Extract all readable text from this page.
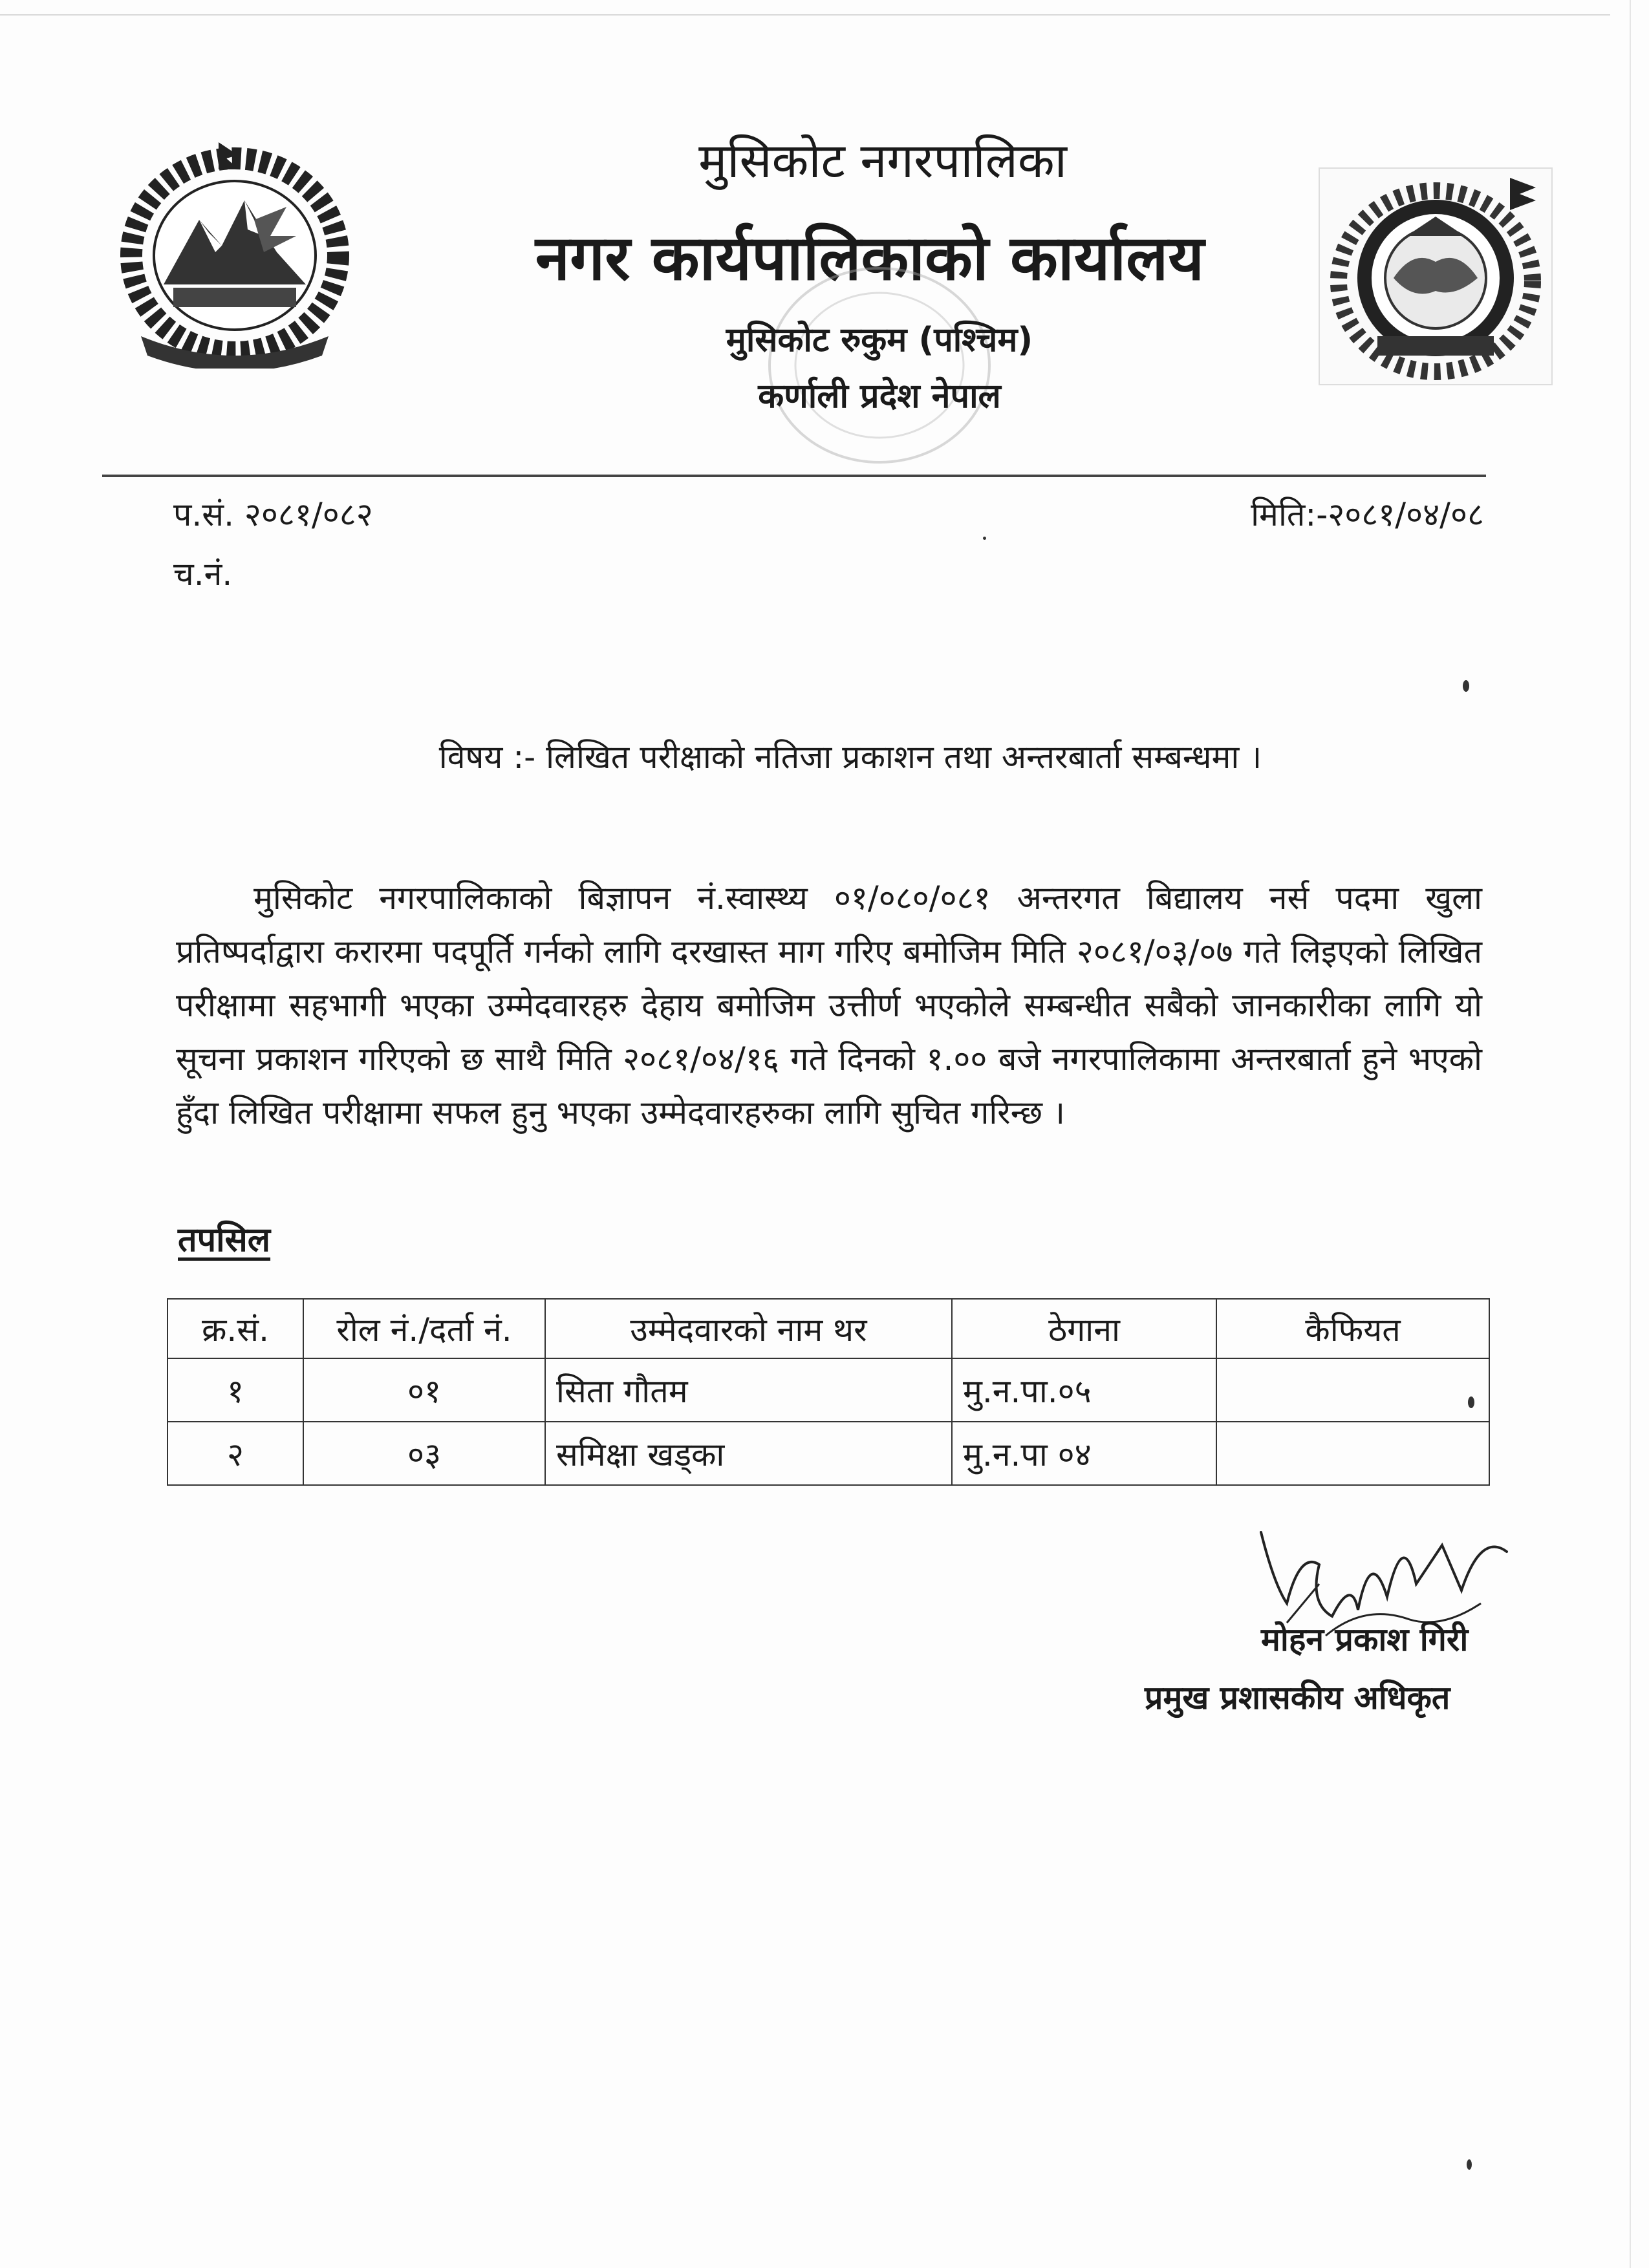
मुसिकोट नगरपालिका
नगर कार्यपालिकाको कार्यालय
मुसिकोट रुकुम (पश्चिम)
कर्णाली प्रदेश नेपाल
प.सं. २०८१/०८२	मिति:-२०८१/०४/०८
च.नं.
विषय :- लिखित परीक्षाको नतिजा प्रकाशन तथा अन्तरबार्ता सम्बन्धमा ।
मुसिकोट नगरपालिकाको बिज्ञापन नं.स्वास्थ्य ०१/०८०/०८१ अन्तरगत बिद्यालय नर्स पदमा खुला प्रतिष्पर्दाद्वारा करारमा पदपूर्ति गर्नको लागि दरखास्त माग गरिए बमोजिम मिति २०८१/०३/०७ गते लिइएको लिखित परीक्षामा सहभागी भएका उम्मेदवारहरु देहाय बमोजिम उत्तीर्ण भएकोले सम्बन्धीत सबैको जानकारीका लागि यो सूचना प्रकाशन गरिएको छ साथै मिति २०८१/०४/१६ गते दिनको १.०० बजे नगरपालिकामा अन्तरबार्ता हुने भएको हुँदा लिखित परीक्षामा सफल हुनु भएका उम्मेदवारहरुका लागि सुचित गरिन्छ ।
तपसिल
क्र.सं.	रोल नं./दर्ता नं.	उम्मेदवारको नाम थर	ठेगाना	कैफियत
१	०१	सिता गौतम	मु.न.पा.०५	
२	०३	समिक्षा खड्का	मु.न.पा ०४	
मोहन प्रकाश गिरी
प्रमुख प्रशासकीय अधिकृत
